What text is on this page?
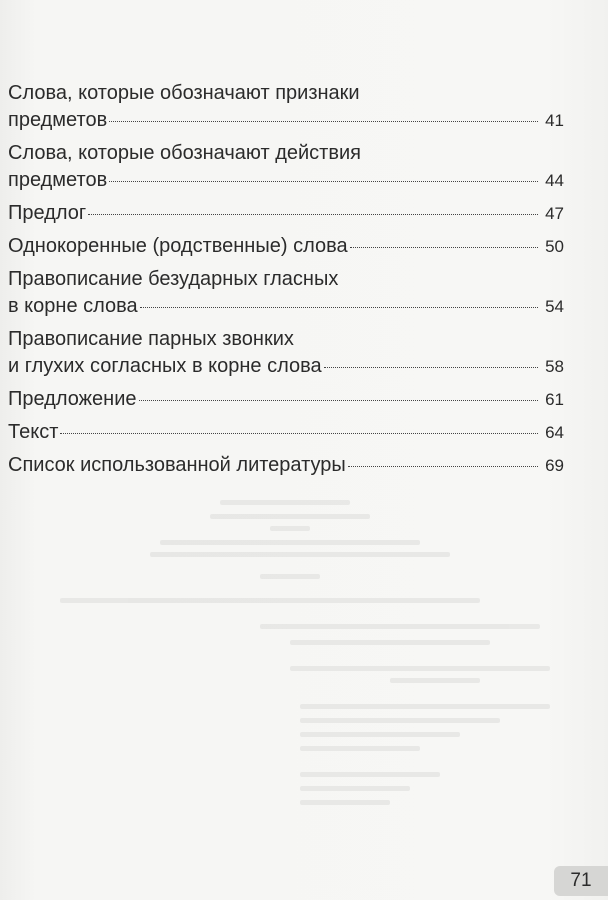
Слова, которые обозначают признаки
предметов	41
Слова, которые обозначают действия
предметов	44
Предлог	47
Однокоренные (родственные) слова	50
Правописание безударных гласных
в корне слова	54
Правописание парных звонких
и глухих согласных в корне слова	58
Предложение	61
Текст	64
Список использованной литературы	69
71
